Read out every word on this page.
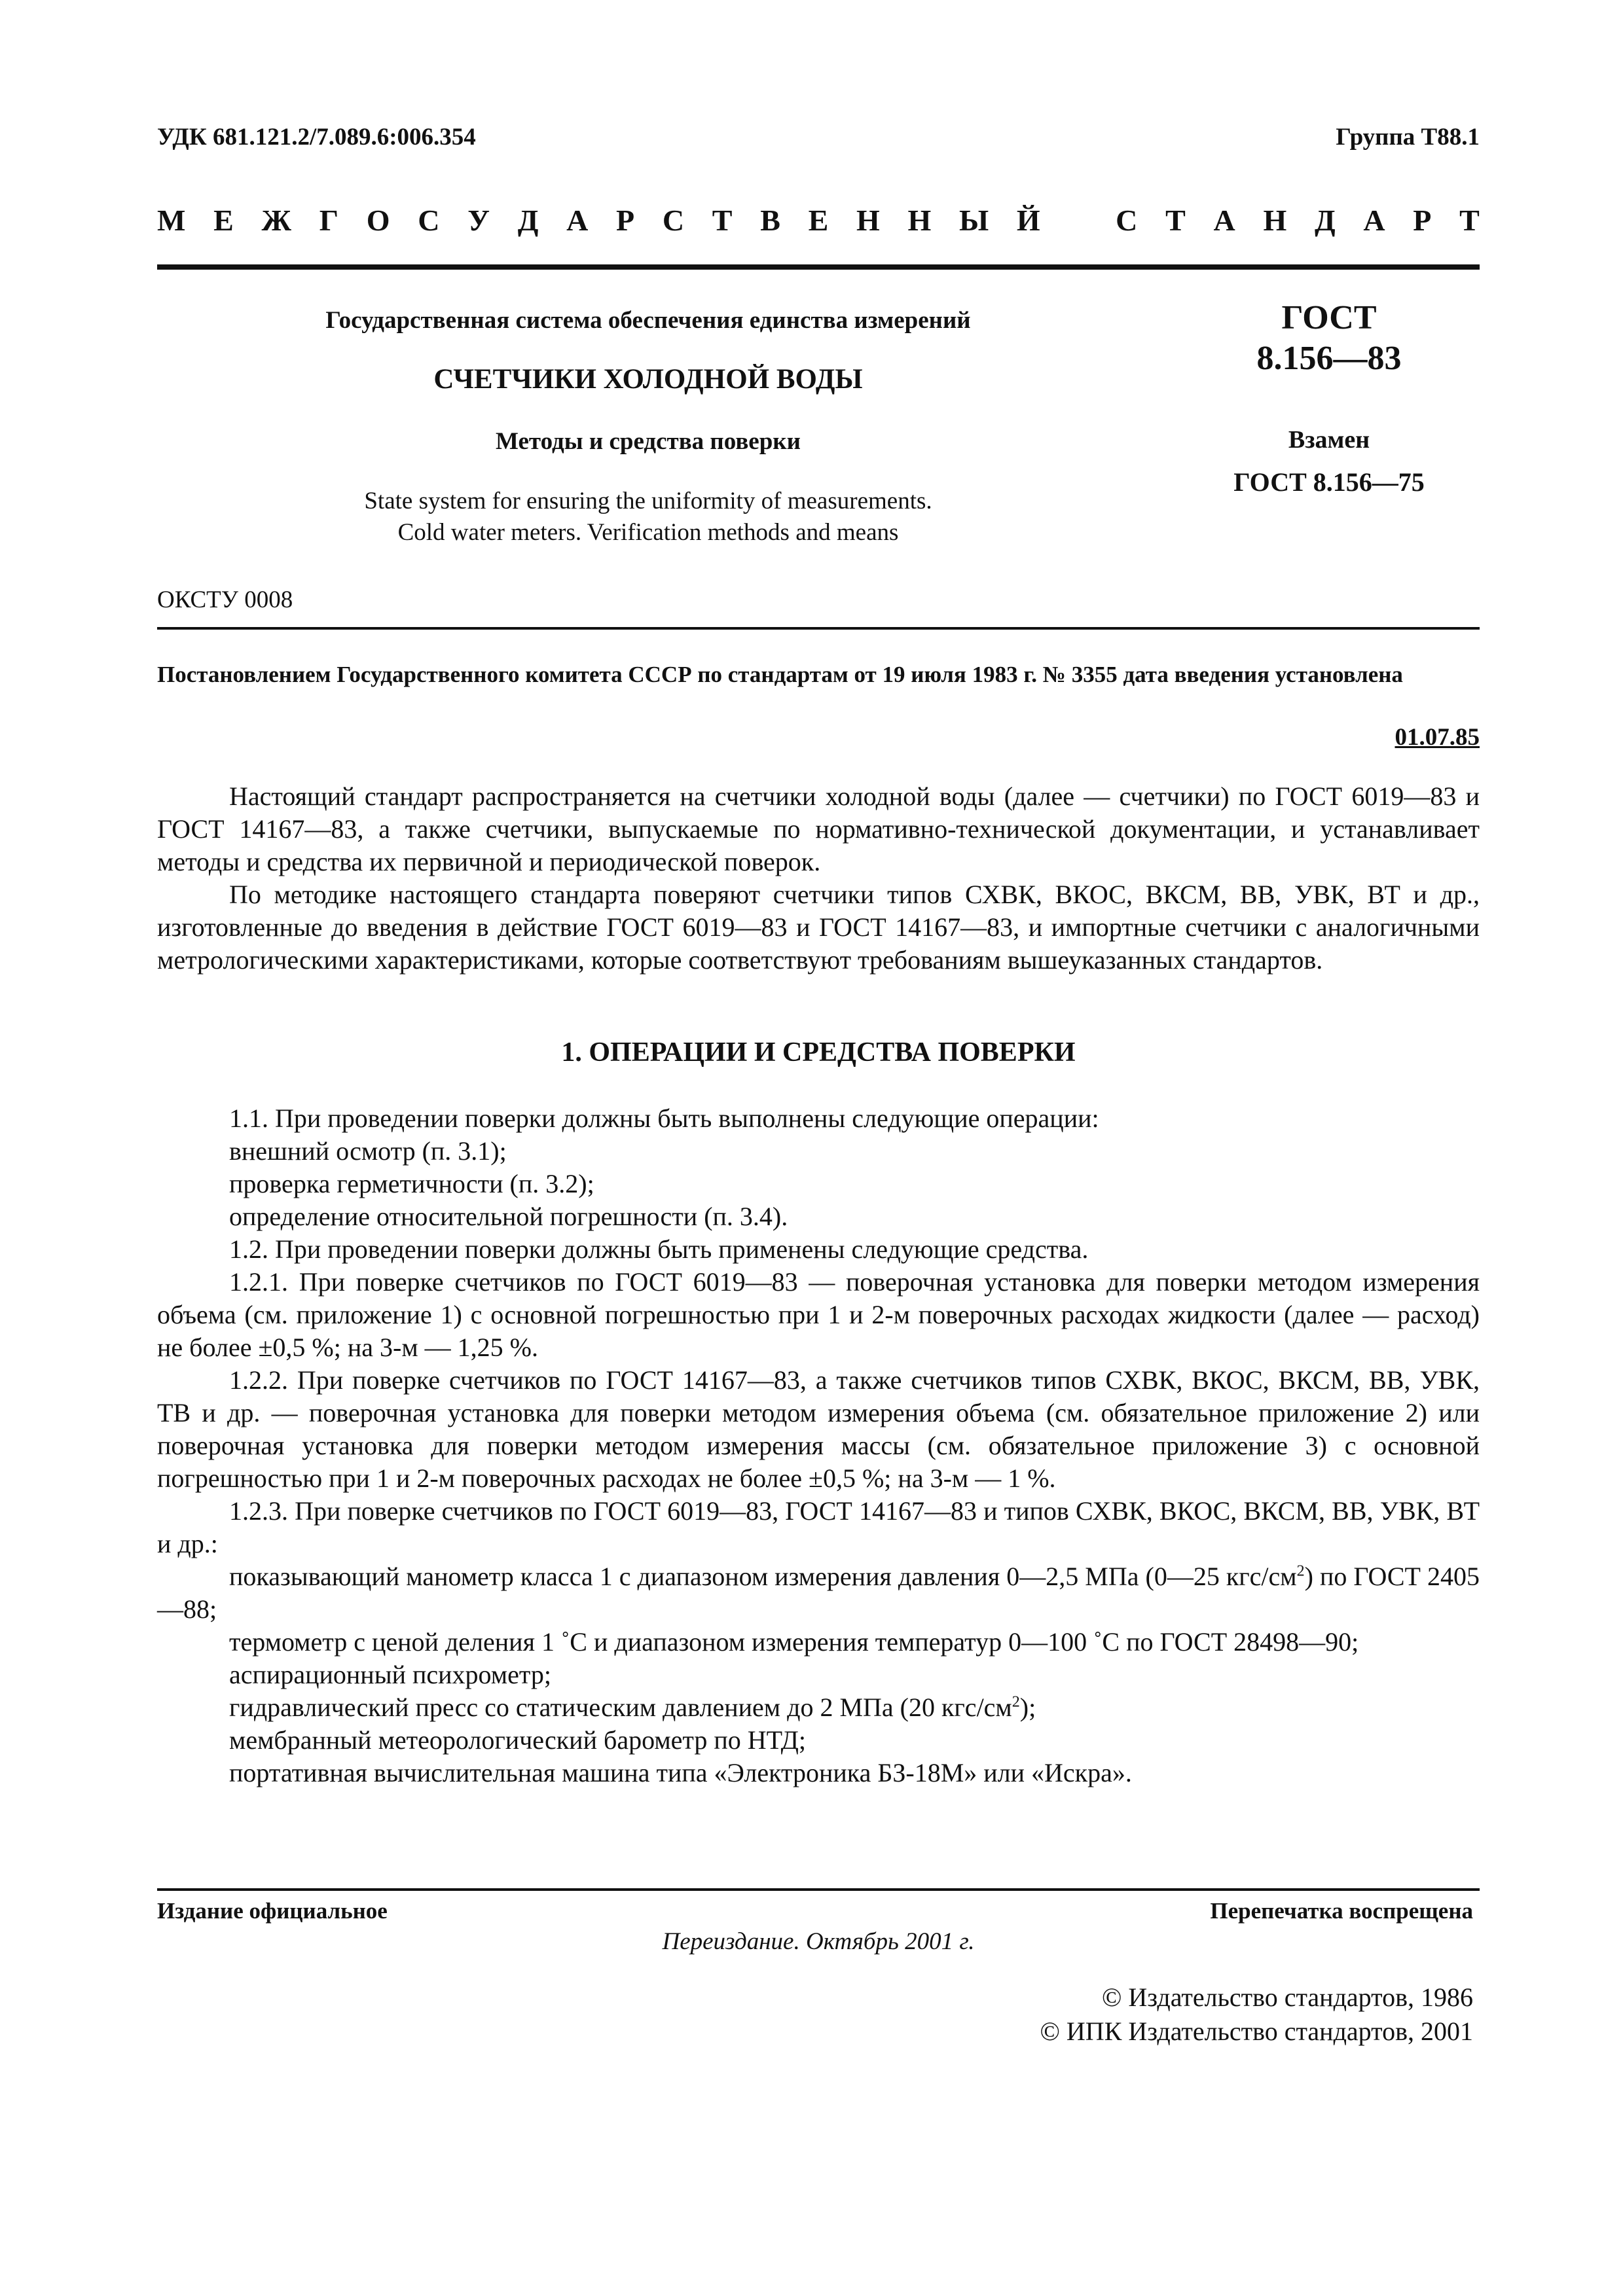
УДК 681.121.2/7.089.6:006.354	Группа Т88.1
М Е Ж Г О С У Д А Р С Т В Е Н Н Ы Й	С Т А Н Д А Р Т

Государственная система обеспечения единства измерений

СЧЕТЧИКИ ХОЛОДНОЙ ВОДЫ

Методы и средства поверки

State system for ensuring the uniformity of measurements.

Cold water meters. Verification methods and means

ГОСТ
8.156—83
Взамен
ГОСТ 8.156—75
ОКСТУ 0008
Постановлением Государственного комитета СССР по стандартам от 19 июля 1983 г. № 3355 дата введения установлена
01.07.85

Настоящий стандарт распространяется на счетчики холодной воды (далее — счетчики) по ГОСТ 6019—83 и ГОСТ 14167—83, а также счетчики, выпускаемые по нормативно-технической документации, и устанавливает методы и средства их первичной и периодической поверок.

По методике настоящего стандарта поверяют счетчики типов СХВК, ВКОС, ВКСМ, ВВ, УВК, ВТ и др., изготовленные до введения в действие ГОСТ 6019—83 и ГОСТ 14167—83, и импортные счетчики с аналогичными метрологическими характеристиками, которые соответствуют требованиям вышеуказанных стандартов.

1. ОПЕРАЦИИ И СРЕДСТВА ПОВЕРКИ

1.1. При проведении поверки должны быть выполнены следующие операции:

внешний осмотр (п. 3.1);

проверка герметичности (п. 3.2);

определение относительной погрешности (п. 3.4).

1.2. При проведении поверки должны быть применены следующие средства.

1.2.1. При поверке счетчиков по ГОСТ 6019—83 — поверочная установка для поверки методом измерения объема (см. приложение 1) с основной погрешностью при 1 и 2-м поверочных расходах жидкости (далее — расход) не более ±0,5 %; на 3-м — 1,25 %.

1.2.2. При поверке счетчиков по ГОСТ 14167—83, а также счетчиков типов СХВК, ВКОС, ВКСМ, ВВ, УВК, ТВ и др. — поверочная установка для поверки методом измерения объема (см. обязательное приложение 2) или поверочная установка для поверки методом измерения массы (см. обязательное приложение 3) с основной погрешностью при 1 и 2-м поверочных расходах не более ±0,5 %; на 3-м — 1 %.

1.2.3. При поверке счетчиков по ГОСТ 6019—83, ГОСТ 14167—83 и типов СХВК, ВКОС, ВКСМ, ВВ, УВК, ВТ и др.:

показывающий манометр класса 1 с диапазоном измерения давления 0—2,5 МПа (0—25 кгс/$см^2$) по ГОСТ 2405—88;

термометр с ценой деления 1 ˚С и диапазоном измерения температур 0—100 ˚С по ГОСТ 28498—90;

аспирационный психрометр;

гидравлический пресс со статическим давлением до 2 МПа (20 кгс/$см^2$);

мембранный метеорологический барометр по НТД;

портативная вычислительная машина типа «Электроника БЗ-18М» или «Искра».

Издание официальное	Перепечатка воспрещена
Переиздание. Октябрь 2001 г.
© Издательство стандартов, 1986
© ИПК Издательство стандартов, 2001
